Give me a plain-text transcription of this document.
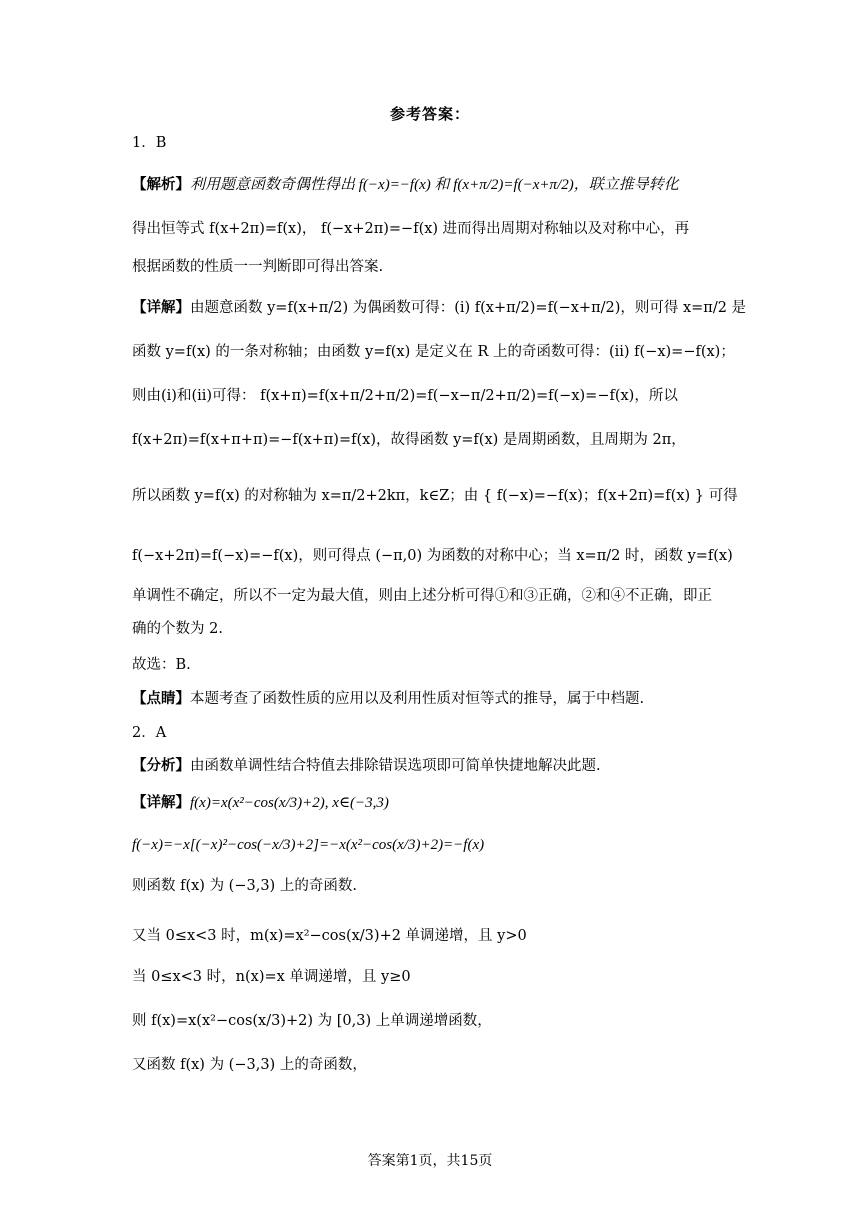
参考答案：
1．B
【解析】利用题意函数奇偶性得出 f(−x)=−f(x) 和 f(x+π/2)=f(−x+π/2)，联立推导转化
得出恒等式 f(x+2π)=f(x)， f(−x+2π)=−f(x) 进而得出周期对称轴以及对称中心，再
根据函数的性质一一判断即可得出答案.
【详解】由题意函数 y=f(x+π/2) 为偶函数可得：(i) f(x+π/2)=f(−x+π/2)，则可得 x=π/2 是
函数 y=f(x) 的一条对称轴；由函数 y=f(x) 是定义在 R 上的奇函数可得：(ii) f(−x)=−f(x)；
则由(i)和(ii)可得： f(x+π)=f(x+π/2+π/2)=f(−x−π/2+π/2)=f(−x)=−f(x)，所以
f(x+2π)=f(x+π+π)=−f(x+π)=f(x)，故得函数 y=f(x) 是周期函数，且周期为 2π，
所以函数 y=f(x) 的对称轴为 x=π/2+2kπ，k∈Z；由 { f(−x)=−f(x)；f(x+2π)=f(x) } 可得
f(−x+2π)=f(−x)=−f(x)，则可得点 (−π,0) 为函数的对称中心；当 x=π/2 时，函数 y=f(x)
单调性不确定，所以不一定为最大值，则由上述分析可得①和③正确，②和④不正确，即正
确的个数为 2.
故选：B.
【点睛】本题考查了函数性质的应用以及利用性质对恒等式的推导，属于中档题.
2．A
【分析】由函数单调性结合特值去排除错误选项即可简单快捷地解决此题.
【详解】f(x)=x(x²−cos(x/3)+2), x∈(−3,3)
f(−x)=−x[(−x)²−cos(−x/3)+2]=−x(x²−cos(x/3)+2)=−f(x)
则函数 f(x) 为 (−3,3) 上的奇函数.
又当 0≤x<3 时，m(x)=x²−cos(x/3)+2 单调递增，且 y>0
当 0≤x<3 时，n(x)=x 单调递增，且 y≥0
则 f(x)=x(x²−cos(x/3)+2) 为 [0,3) 上单调递增函数，
又函数 f(x) 为 (−3,3) 上的奇函数，
答案第1页，共15页
